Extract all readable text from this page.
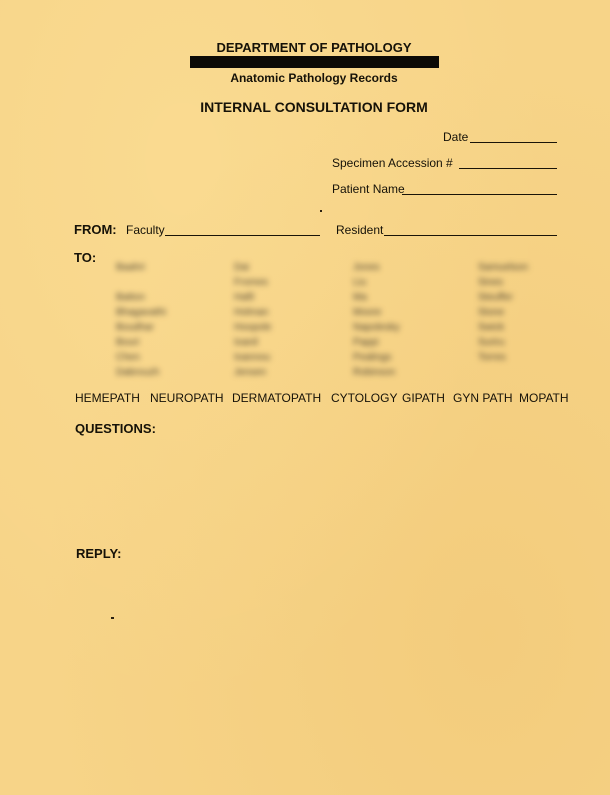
DEPARTMENT OF PATHOLOGY
Anatomic Pathology Records
INTERNAL CONSULTATION FORM
Date
Specimen Accession #
Patient Name
FROM: Faculty	Resident
TO:
Baahri
Batton
Bhagavathi
Boudhar
Bouri
Chen
Dabrouzh
Dai
Fromes
Hafil
Holman
Hoopole
Ioanil
Ioannou
Jensen
Jones
Liu
Ma
Moore
Napolesky
Pappi
Pealings
Robinson
Samuelson
Sines
Steuffer
Stone
Swick
Suriru
Torres
HEMEPATH NEUROPATH DERMATOPATH CYTOLOGY GIPATH GYN PATH MOPATH
QUESTIONS:
REPLY:
